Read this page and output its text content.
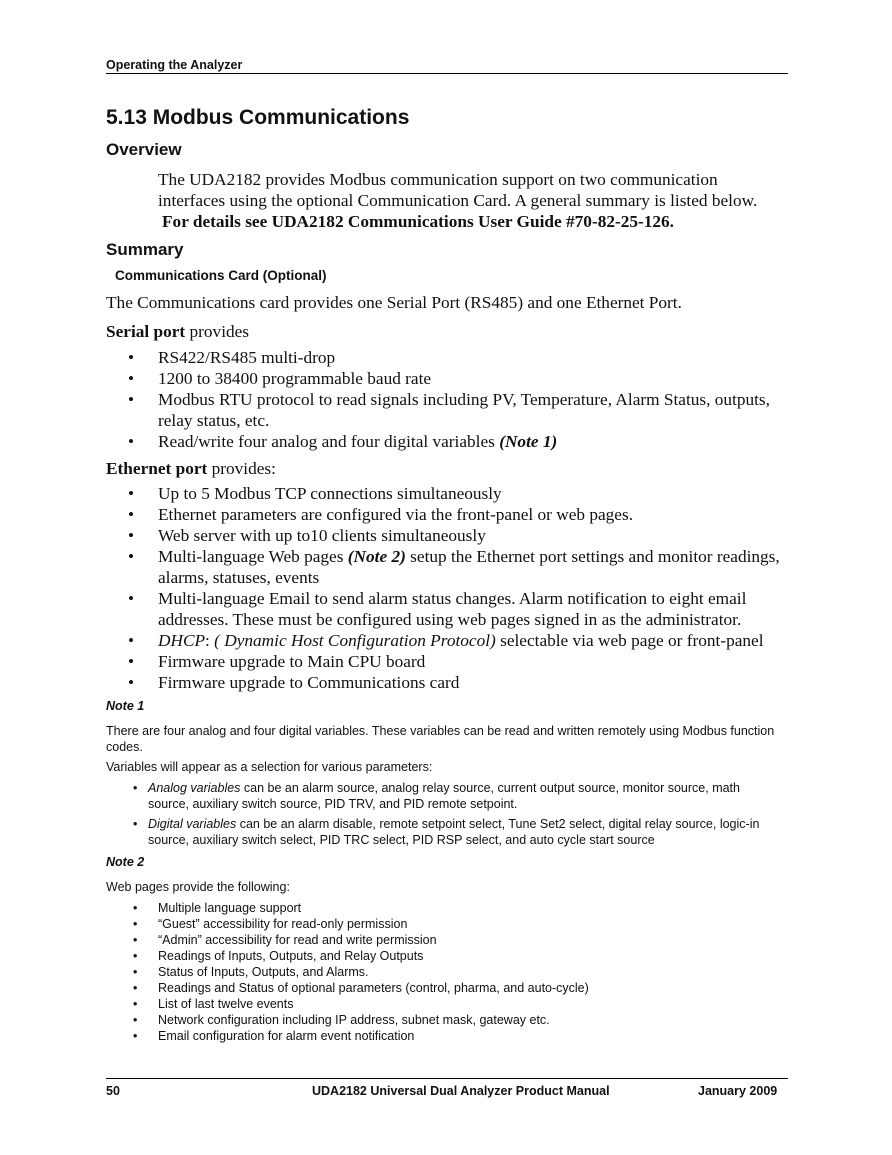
Operating the Analyzer
5.13 Modbus Communications
Overview

The UDA2182 provides Modbus communication support on two communication interfaces using the optional Communication Card. A general summary is listed below.
For details see UDA2182 Communications User Guide #70-82-25-126.

Summary
Communications Card (Optional)

The Communications card provides one Serial Port (RS485) and one Ethernet Port.

Serial port provides

• RS422/RS485 multi-drop
• 1200 to 38400 programmable baud rate
• Modbus RTU protocol to read signals including PV, Temperature, Alarm Status, outputs, relay status, etc.
• Read/write four analog and four digital variables (Note 1)

Ethernet port provides:

• Up to 5 Modbus TCP connections simultaneously
• Ethernet parameters are configured via the front-panel or web pages.
• Web server with up to10 clients simultaneously
• Multi-language Web pages (Note 2) setup the Ethernet port settings and monitor readings, alarms, statuses, events
• Multi-language Email to send alarm status changes. Alarm notification to eight email addresses. These must be configured using web pages signed in as the administrator.
• DHCP: ( Dynamic Host Configuration Protocol) selectable via web page or front-panel
• Firmware upgrade to Main CPU board
• Firmware upgrade to Communications card
Note 1

There are four analog and four digital variables. These variables can be read and written remotely using Modbus function codes.

Variables will appear as a selection for various parameters:

• Analog variables can be an alarm source, analog relay source, current output source, monitor source, math source, auxiliary switch source, PID TRV, and PID remote setpoint.
• Digital variables can be an alarm disable, remote setpoint select, Tune Set2 select, digital relay source, logic-in source, auxiliary switch select, PID TRC select, PID RSP select, and auto cycle start source
Note 2

Web pages provide the following:

• Multiple language support
• “Guest” accessibility for read-only permission
• “Admin” accessibility for read and write permission
• Readings of Inputs, Outputs, and Relay Outputs
• Status of Inputs, Outputs, and Alarms.
• Readings and Status of optional parameters (control, pharma, and auto-cycle)
• List of last twelve events
• Network configuration including IP address, subnet mask, gateway etc.
• Email configuration for alarm event notification
50	UDA2182 Universal Dual Analyzer Product Manual	January 2009
